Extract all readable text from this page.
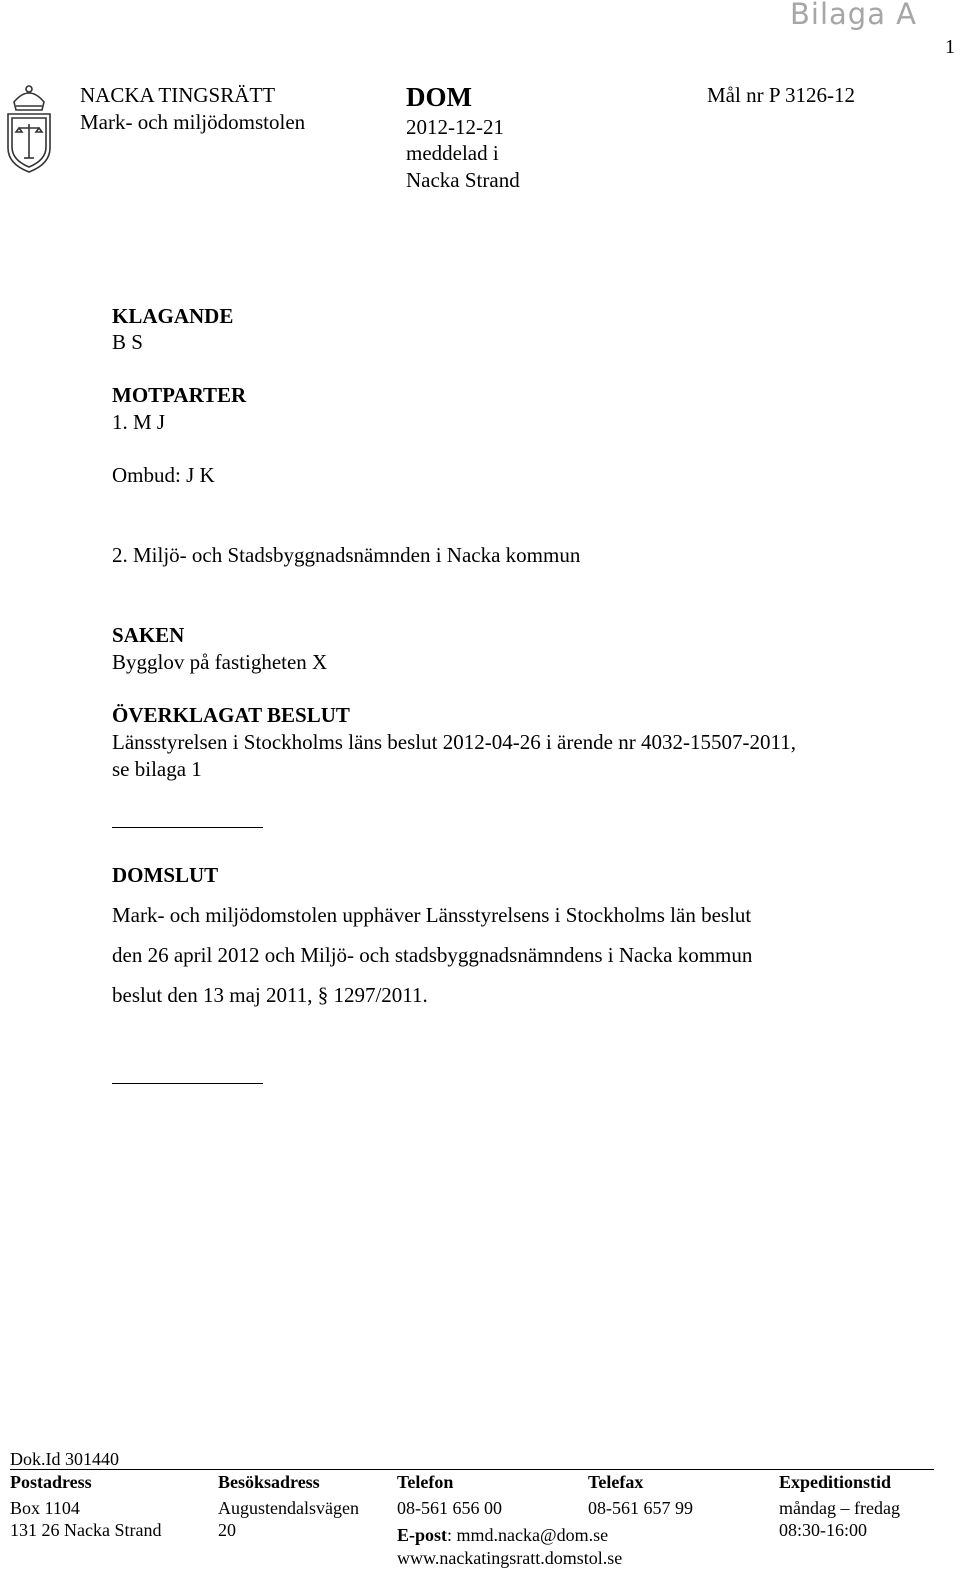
Bilaga A
1
NACKA TINGSRÄTT
Mark- och miljödomstolen
DOM
2012-12-21
meddelad i
Nacka Strand
Mål nr P 3126-12
KLAGANDE
B S
MOTPARTER
1. M J
Ombud: J K
2. Miljö- och Stadsbyggnadsnämnden i Nacka kommun
SAKEN
Bygglov på fastigheten X
ÖVERKLAGAT BESLUT
Länsstyrelsen i Stockholms läns beslut 2012-04-26 i ärende nr 4032-15507-2011,
se bilaga 1
DOMSLUT
Mark- och miljödomstolen upphäver Länsstyrelsens i Stockholms län beslut
den 26 april 2012 och Miljö- och stadsbyggnadsnämndens i Nacka kommun
beslut den 13 maj 2011, § 1297/2011.
Dok.Id 301440
Postadress
Box 1104
131 26 Nacka Strand
Besöksadress
Augustendalsvägen
20
Telefon
08-561 656 00
E-post: mmd.nacka@dom.se
www.nackatingsratt.domstol.se
Telefax
08-561 657 99
Expeditionstid
måndag – fredag
08:30-16:00
